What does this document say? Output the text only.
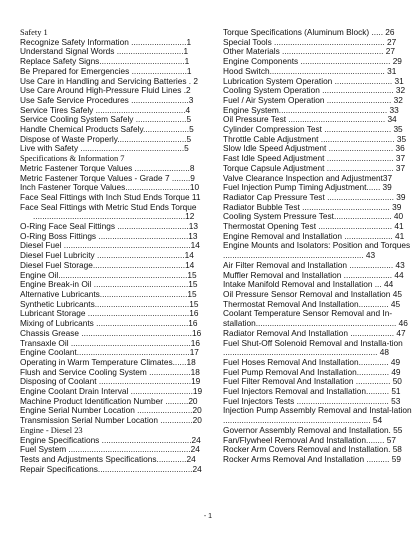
Safety 1
Recognize Safety Information ........................1
Understand Signal Words .............................1
Replace Safety Signs.....................................1
Be Prepared for Emergencies ........................1
Use Care in Handling and Servicing Batteries . 2
Use Care Around High-Pressure Fluid Lines .2
Use Safe Service Procedures .........................3
Service Tires Safely .......................................4
Service Cooling System Safely ......................5
Handle Chemical Products Safely....................5
Dispose of Waste Properly..............................5
Live with Safety .............................................5
Specifications & Information 7
Metric Fastener Torque Values ........................8
Metric Fastener Torque Values - Grade 7 ........9
Inch Fastener Torque Values............................10
Face Seal Fittings with Inch Stud Ends Torque 11
Face Seal Fittings with Metric Stud Ends Torque ..................................................................12
O-Ring Face Seal Fittings ...............................13
O-Ring Boss Fittings .......................................13
Diesel Fuel .......................................................14
Diesel Fuel Lubricity ......................................14
Diesel Fuel Storage........................................14
Engine Oil........................................................15
Engine Break-in Oil .........................................15
Alternative Lubricants......................................15
Synthetic Lubricants.........................................15
Lubricant Storage ............................................16
Mixing of Lubricants ........................................16
Chassis Grease ................................................16
Transaxle Oil ....................................................16
Engine Coolant.................................................17
Operating in Warm Temperature Climates......18
Flush and Service Cooling System ..................18
Disposing of Coolant ........................................19
Engine Coolant Drain Interval ...........................19
Machine Product Identification Number ..........20
Engine Serial Number Location ........................20
Transmission Serial Number Location ..............20
Engine - Diesel 23
Engine Specifications .......................................24
Fuel System .....................................................24
Tests and Adjustments Specifications.............24
Repair Specifications.........................................24
Torque Specifications (Aluminum Block) ..... 26
Special Tools ................................................ 27
Other Materials ............................................ 27
Engine Components ....................................... 29
Hood Switch.................................................. 31
Lubrication System Operation ......................... 31
Cooling System Operation ............................... 32
Fuel / Air System Operation ............................ 32
Engine System............................................... 33
Oil Pressure Test .......................................... 34
Cylinder Compression Test ............................. 35
Throttle Cable Adjustment ................................ 35
Slow Idle Speed Adjustment ............................ 36
Fast Idle Speed Adjustment ............................. 37
Torque Capsule Adjustment ............................. 37
Valve Clearance Inspection and Adjustment37
Fuel Injection Pump Timing Adjustment...... 39
Radiator Cap Pressure Test ............................. 39
Radiator Bubble Test ...................................... 39
Cooling System Pressure Test......................... 40
Thermostat Opening Test ................................ 41
Engine Removal and Installation ..................... 41
Engine Mounts and Isolators: Position and Torques ............................................................. 43
Air Filter Removal and Installation ................... 43
Muffler Removal and Installation ..................... 44
Intake Manifold Removal and Installation ... 44
Oil Pressure Sensor Removal and Installation 45
Thermostat Removal And Installation............. 45
Coolant Temperature Sensor Removal and In-stallation............................................................. 46
Radiator Removal And Installation ................... 47
Fuel Shut-Off Solenoid Removal and Installa-tion ................................................................... 48
Fuel Hoses Removal And Installation............. 49
Fuel Pump Removal And Installation.............. 49
Fuel Filter Removal And Installation ............... 50
Fuel Injectors Removal and Installation.......... 51
Fuel Injectors Tests ........................................ 53
Injection Pump Assembly Removal and Instal-lation ................................................................ 54
Governor Assembly Removal and Installation. 55
Fan/Flywheel Removal And Installation........ 57
Rocker Arm Covers Removal and Installation. 58
Rocker Arms Removal And Installation .......... 59
- 1
